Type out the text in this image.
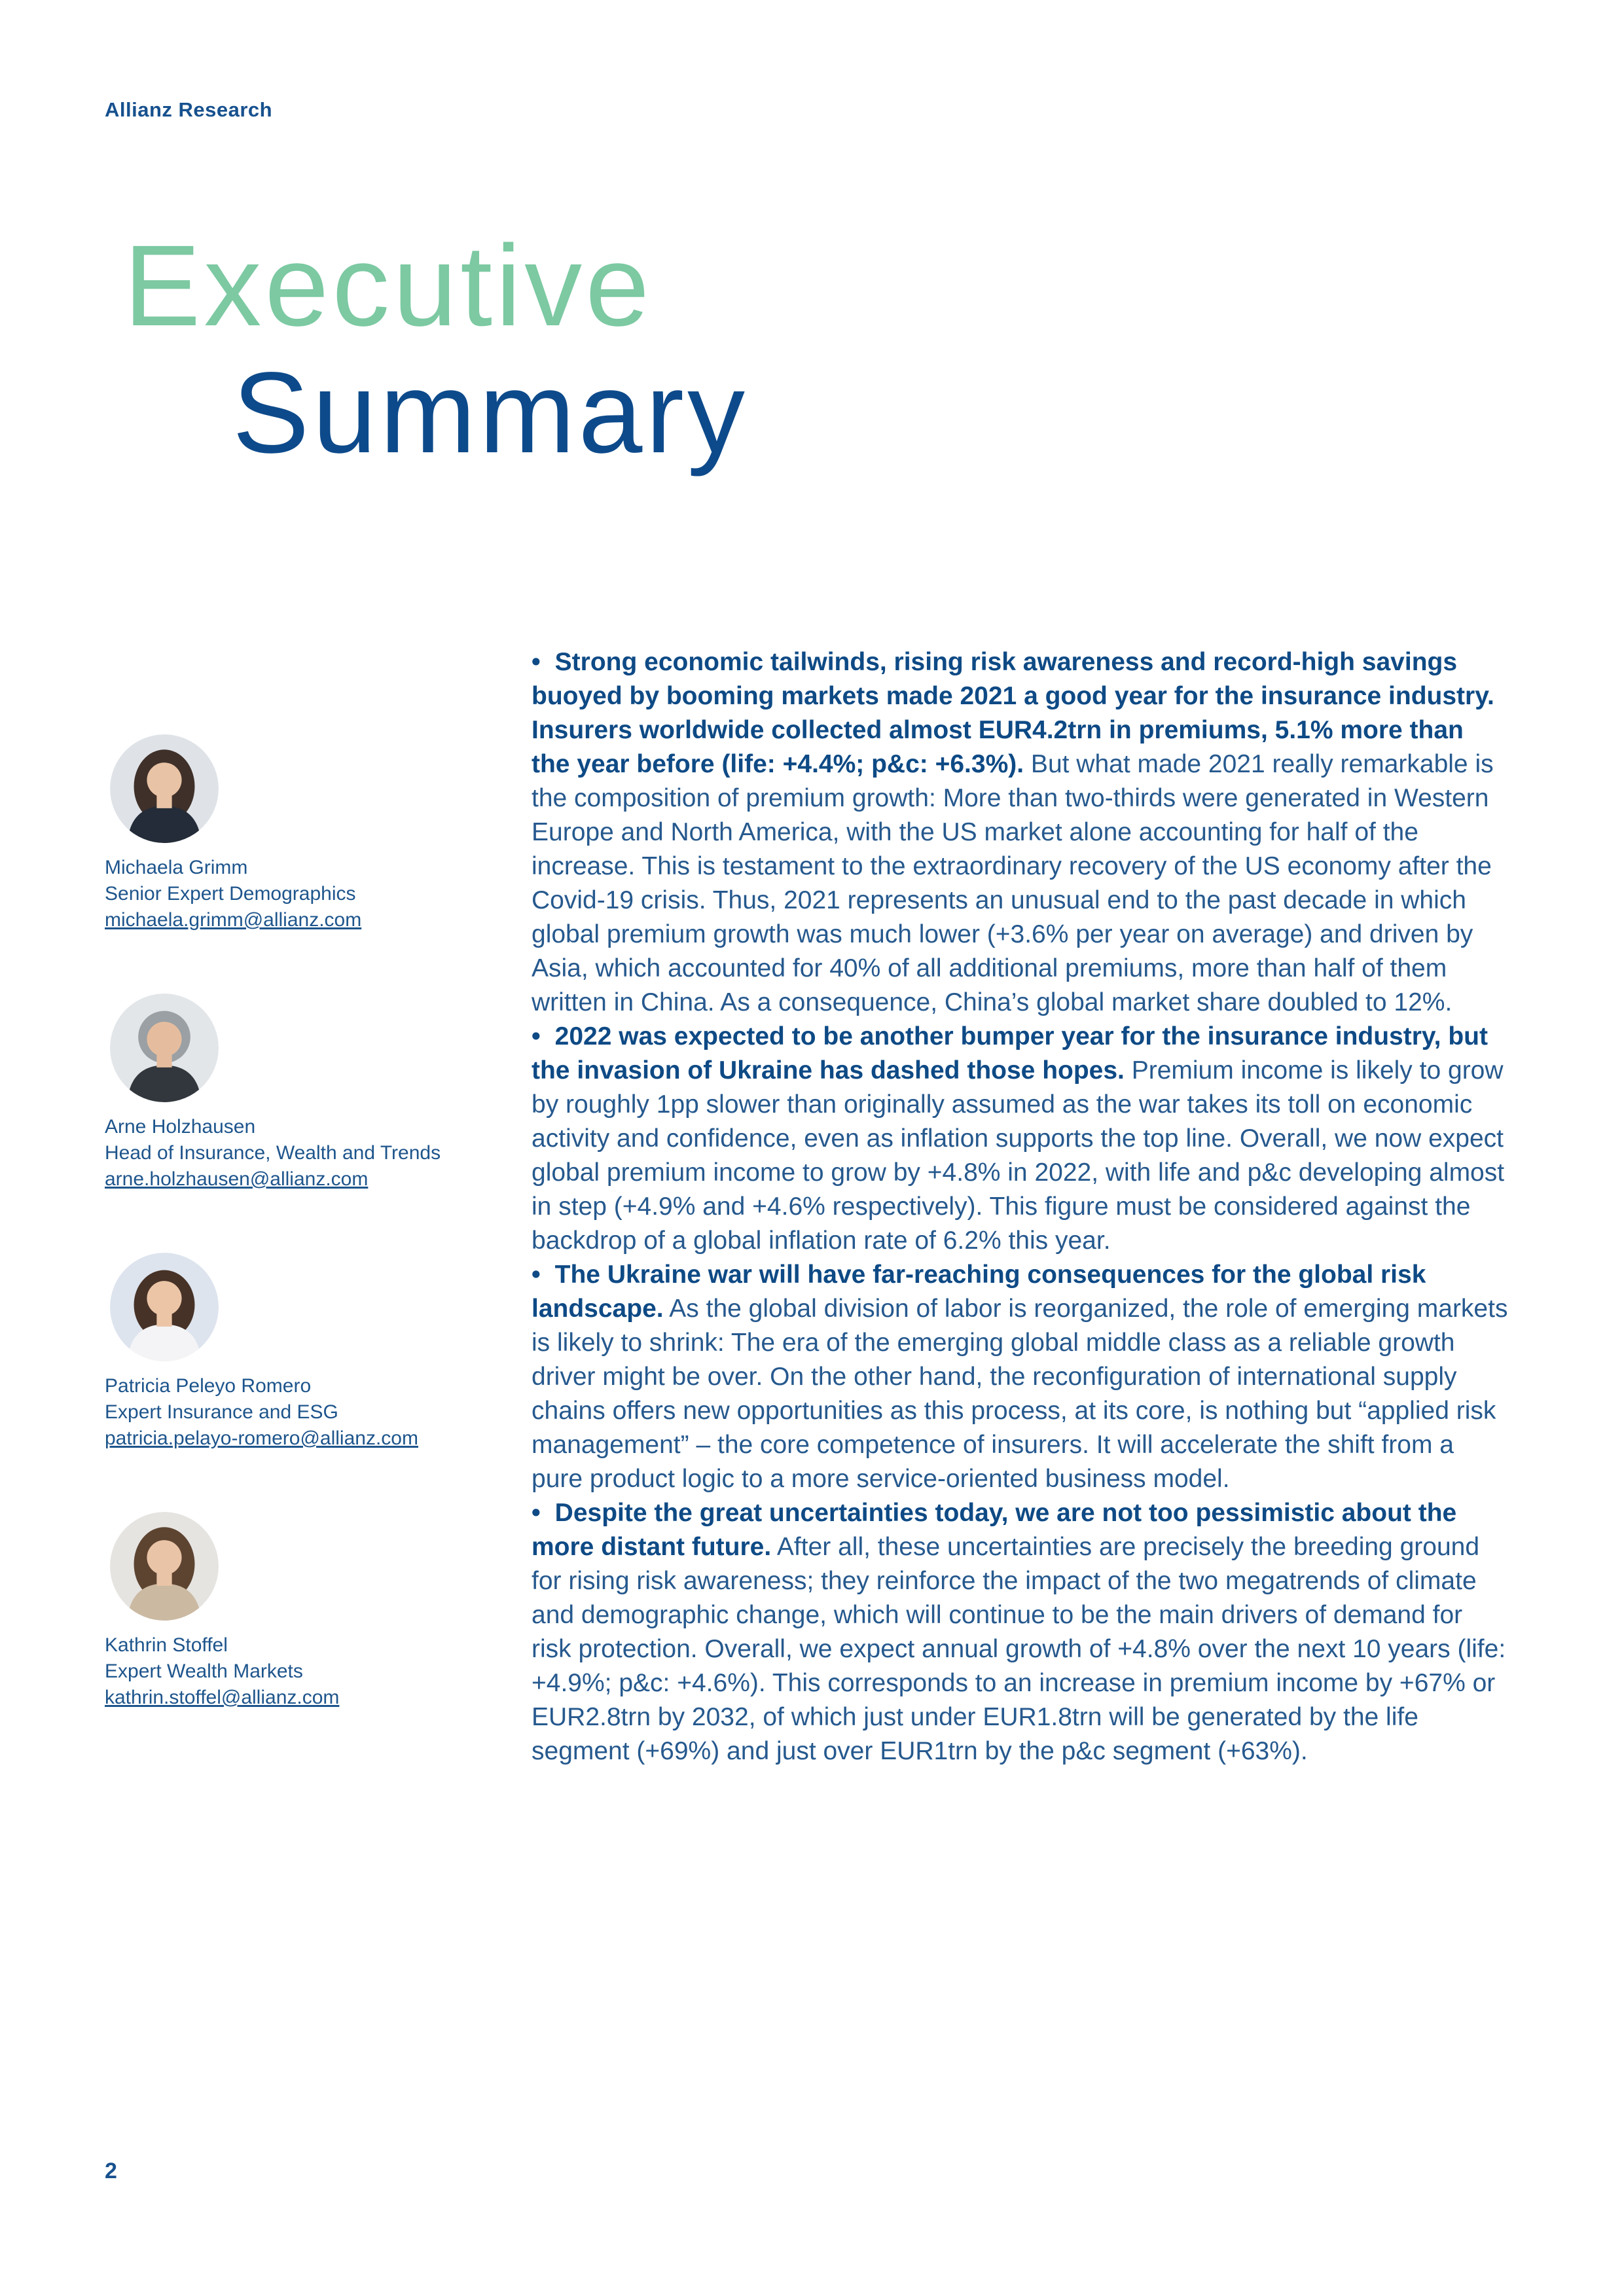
Allianz Research
Executive
Summary
Michaela Grimm
Senior Expert Demographics
michaela.grimm@allianz.com
Arne Holzhausen
Head of Insurance, Wealth and Trends
arne.holzhausen@allianz.com
Patricia Peleyo Romero
Expert Insurance and ESG
patricia.pelayo-romero@allianz.com
Kathrin Stoffel
Expert Wealth Markets
kathrin.stoffel@allianz.com

• Strong economic tailwinds, rising risk awareness and record-high savings buoyed by booming markets made 2021 a good year for the insurance industry. Insurers worldwide collected almost EUR4.2trn in premiums, 5.1% more than the year before (life: +4.4%; p&c: +6.3%). But what made 2021 really remarkable is the composition of premium growth: More than two-thirds were generated in Western Europe and North America, with the US market alone accounting for half of the increase. This is testament to the extraordinary recovery of the US economy after the Covid-19 crisis. Thus, 2021 represents an unusual end to the past decade in which global premium growth was much lower (+3.6% per year on average) and driven by Asia, which accounted for 40% of all additional premiums, more than half of them written in China. As a consequence, China’s global market share doubled to 12%.

• 2022 was expected to be another bumper year for the insurance industry, but the invasion of Ukraine has dashed those hopes. Premium income is likely to grow by roughly 1pp slower than originally assumed as the war takes its toll on economic activity and confidence, even as inflation supports the top line. Overall, we now expect global premium income to grow by +4.8% in 2022, with life and p&c developing almost in step (+4.9% and +4.6% respectively). This figure must be considered against the backdrop of a global inflation rate of 6.2% this year.

• The Ukraine war will have far-reaching consequences for the global risk landscape. As the global division of labor is reorganized, the role of emerging markets is likely to shrink: The era of the emerging global middle class as a reliable growth driver might be over. On the other hand, the reconfiguration of international supply chains offers new opportunities as this process, at its core, is nothing but “applied risk management” – the core competence of insurers. It will accelerate the shift from a pure product logic to a more service-oriented business model.

• Despite the great uncertainties today, we are not too pessimistic about the more distant future. After all, these uncertainties are precisely the breeding ground for rising risk awareness; they reinforce the impact of the two megatrends of climate and demographic change, which will continue to be the main drivers of demand for risk protection. Overall, we expect annual growth of +4.8% over the next 10 years (life: +4.9%; p&c: +4.6%). This corresponds to an increase in premium income by +67% or EUR2.8trn by 2032, of which just under EUR1.8trn will be generated by the life segment (+69%) and just over EUR1trn by the p&c segment (+63%).

2
